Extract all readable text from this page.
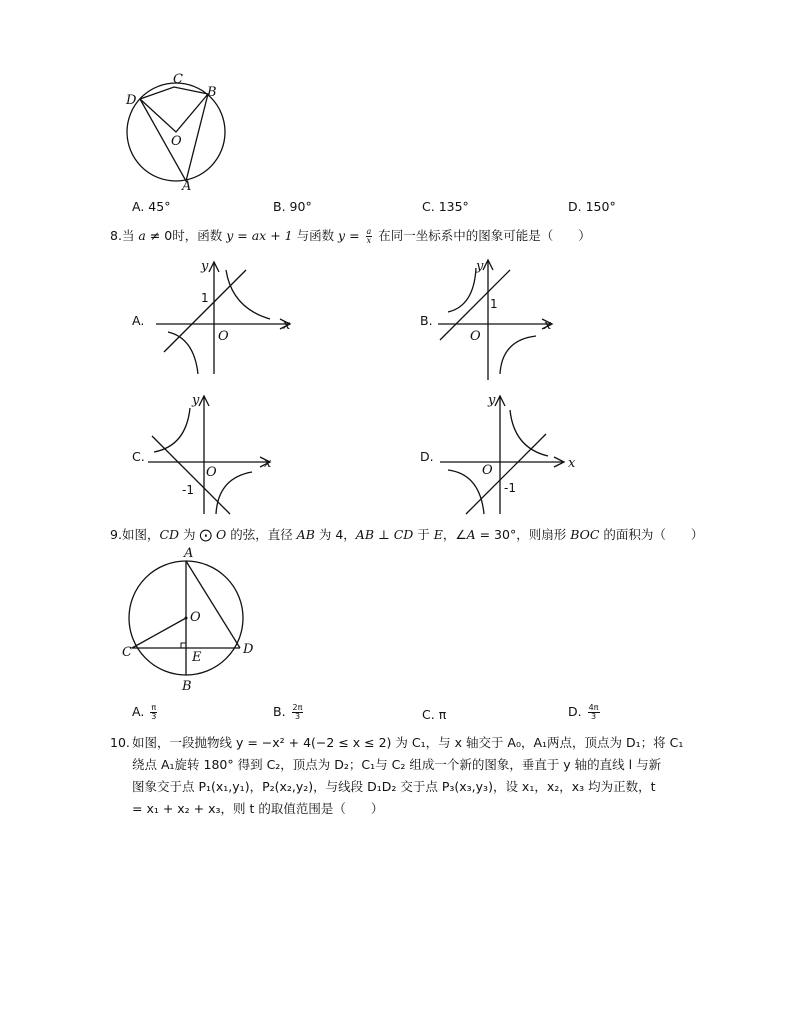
C
D
B
O
A
A. 45°	B. 90°	C. 135°	D. 150°
8.当 a ≠ 0时，函数 y = ax + 1 与函数 $y = \frac{a}{x}$ 在同一坐标系中的图象可能是（　　）
A.
y
x
O
1
B.
y
x
O
1
C.
y
x
O
-1
D.
y
x
O
-1
9.如图，CD 为 ⨀ O 的弦，直径 AB 为 4，AB ⊥ CD 于 E，∠A = 30°，则扇形 BOC 的面积为（　　）
A
O
C	D
E
B
A. $\frac{\pi}{3}$	B. $\frac{2\pi}{3}$	C. π	D. $\frac{4\pi}{3}$
10. 如图，一段抛物线 y = −x² + 4(−2 ≤ x ≤ 2) 为 C₁，与 x 轴交于 A₀，A₁两点，顶点为 D₁；将 C₁
绕点 A₁旋转 180° 得到 C₂，顶点为 D₂；C₁与 C₂ 组成一个新的图象，垂直于 y 轴的直线 l 与新
图象交于点 P₁(x₁,y₁)，P₂(x₂,y₂)，与线段 D₁D₂ 交于点 P₃(x₃,y₃)，设 x₁，x₂，x₃ 均为正数，t
= x₁ + x₂ + x₃，则 t 的取值范围是（　　）
